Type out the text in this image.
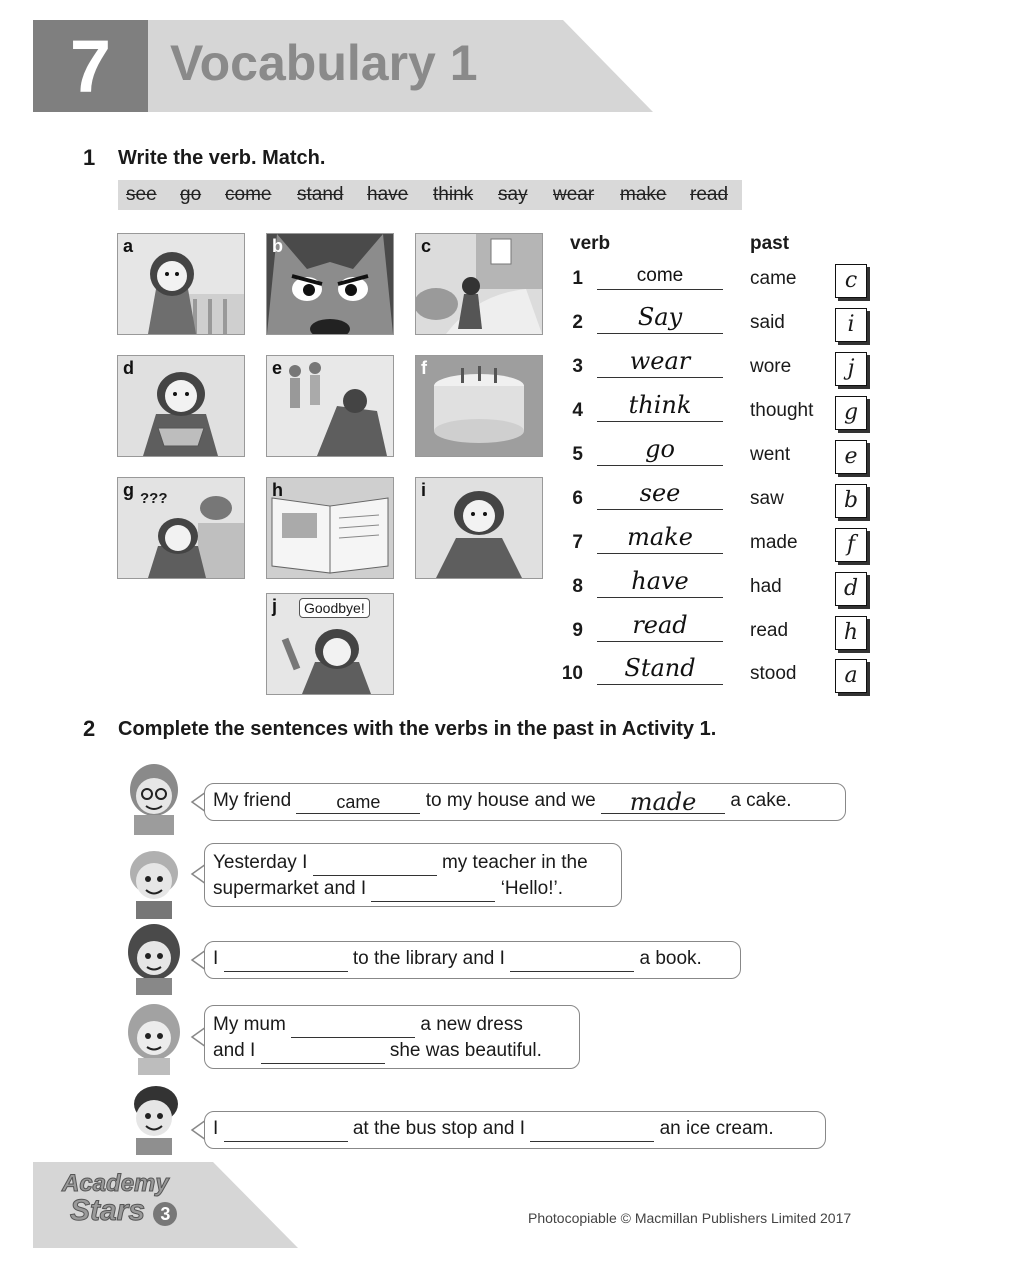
7	Vocabulary 1
1 Write the verb. Match.
see go come stand have think say wear make read
a	b	c
d	e	f
g ???	h	i
j	Goodbye!
verb	past
1	come	came	c
2	Say	said	i
3	wear	wore	j
4	think	thought	g
5	go	went	e
6	see	saw	b
7	make	made	f
8	have	had	d
9	read	read	h
10	Stand	stood	a
2 Complete the sentences with the verbs in the past in Activity 1.
My friend	came to my house and we made a cake.
Yesterday I	my teacher in the
supermarket and I	‘Hello!’.
I	to the library and I	a book.
My mum	a new dress
and I	she was beautiful.
I	at the bus stop and I	an ice cream.
Academy
Stars 3	Photocopiable © Macmillan Publishers Limited 2017
